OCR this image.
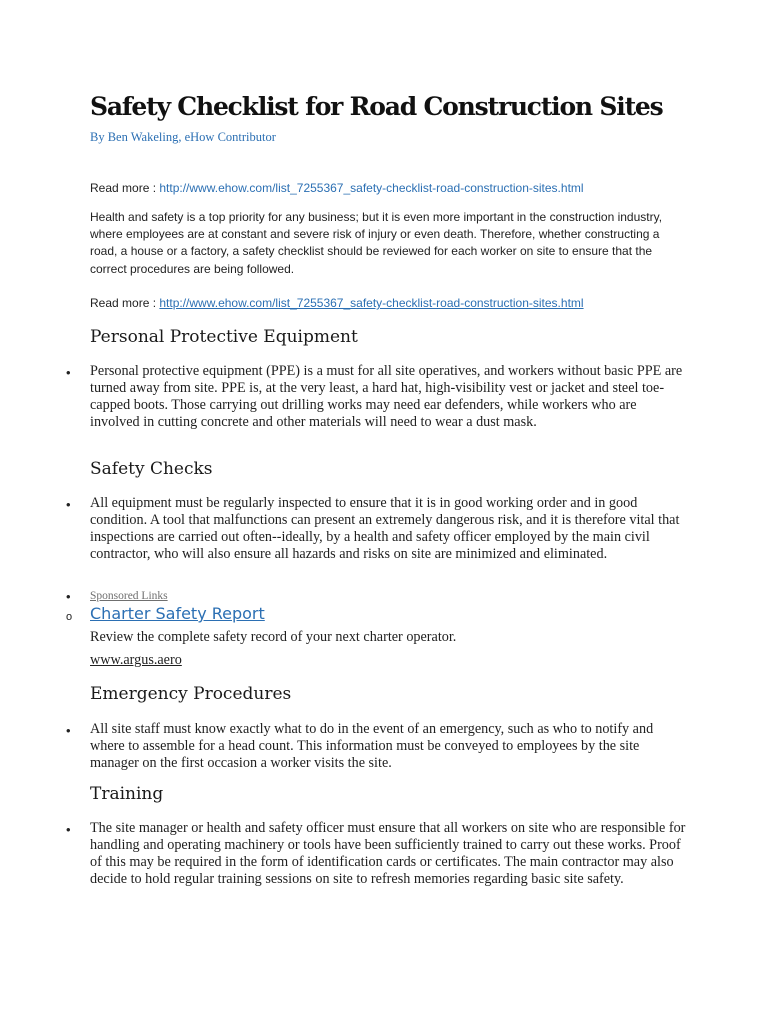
Safety Checklist for Road Construction Sites
By Ben Wakeling, eHow Contributor
Read more : http://www.ehow.com/list_7255367_safety-checklist-road-construction-sites.html
Health and safety is a top priority for any business; but it is even more important in the construction industry, where employees are at constant and severe risk of injury or even death. Therefore, whether constructing a road, a house or a factory, a safety checklist should be reviewed for each worker on site to ensure that the correct procedures are being followed.
Read more : http://www.ehow.com/list_7255367_safety-checklist-road-construction-sites.html
Personal Protective Equipment
• Personal protective equipment (PPE) is a must for all site operatives, and workers without basic PPE are turned away from site. PPE is, at the very least, a hard hat, high-visibility vest or jacket and steel toe-capped boots. Those carrying out drilling works may need ear defenders, while workers who are involved in cutting concrete and other materials will need to wear a dust mask.

Safety Checks
• All equipment must be regularly inspected to ensure that it is in good working order and in good condition. A tool that malfunctions can present an extremely dangerous risk, and it is therefore vital that inspections are carried out often--ideally, by a health and safety officer employed by the main civil contractor, who will also ensure all hazards and risks on site are minimized and eliminated.

• Sponsored Links
o Charter Safety Report
Review the complete safety record of your next charter operator.
www.argus.aero
Emergency Procedures
• All site staff must know exactly what to do in the event of an emergency, such as who to notify and where to assemble for a head count. This information must be conveyed to employees by the site manager on the first occasion a worker visits the site.

Training
• The site manager or health and safety officer must ensure that all workers on site who are responsible for handling and operating machinery or tools have been sufficiently trained to carry out these works. Proof of this may be required in the form of identification cards or certificates. The main contractor may also decide to hold regular training sessions on site to refresh memories regarding basic site safety.
